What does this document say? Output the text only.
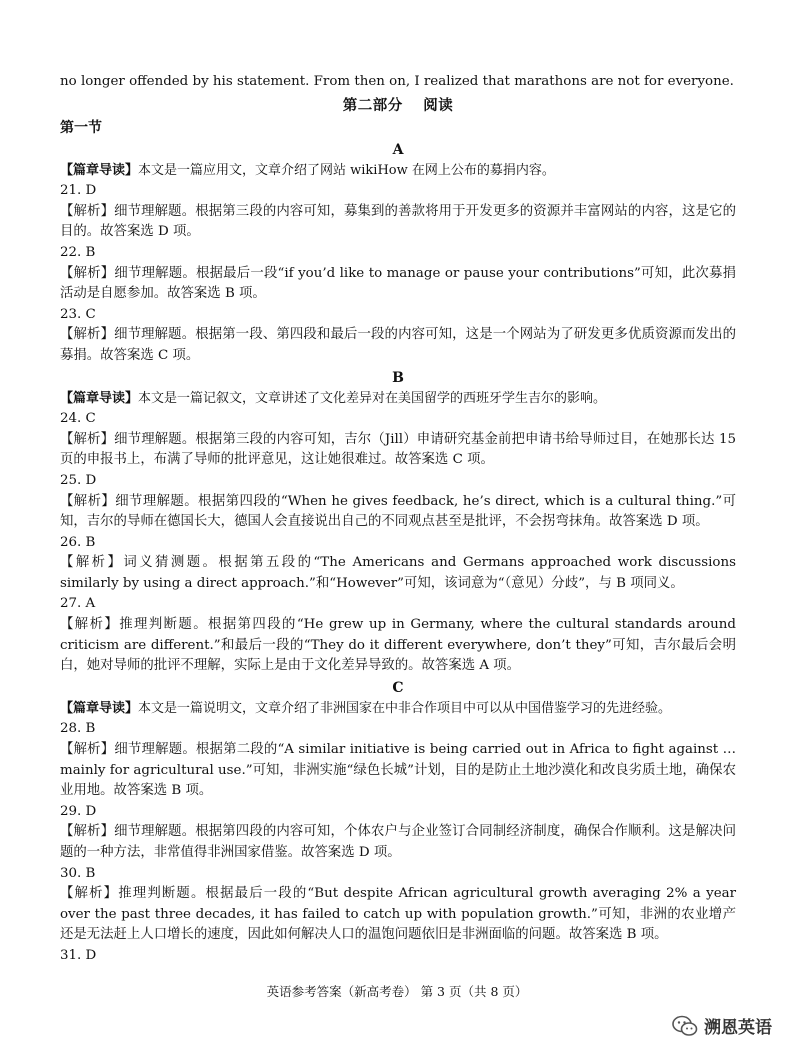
no longer offended by his statement. From then on, I realized that marathons are not for everyone.

第二部分　 阅读

第一节

A

【篇章导读】本文是一篇应用文，文章介绍了网站 wikiHow 在网上公布的募捐内容。

21. D

【解析】细节理解题。根据第三段的内容可知，募集到的善款将用于开发更多的资源并丰富网站的内容，这是它的目的。故答案选 D 项。

22. B

【解析】细节理解题。根据最后一段“if you’d like to manage or pause your contributions”可知，此次募捐活动是自愿参加。故答案选 B 项。

23. C

【解析】细节理解题。根据第一段、第四段和最后一段的内容可知，这是一个网站为了研发更多优质资源而发出的募捐。故答案选 C 项。

B

【篇章导读】本文是一篇记叙文，文章讲述了文化差异对在美国留学的西班牙学生吉尔的影响。

24. C

【解析】细节理解题。根据第三段的内容可知，吉尔（Jill）申请研究基金前把申请书给导师过目，在她那长达 15 页的申报书上，布满了导师的批评意见，这让她很难过。故答案选 C 项。

25. D

【解析】细节理解题。根据第四段的“When he gives feedback, he’s direct, which is a cultural thing.”可知，吉尔的导师在德国长大，德国人会直接说出自己的不同观点甚至是批评，不会拐弯抹角。故答案选 D 项。

26. B

【解析】词义猜测题。根据第五段的“The Americans and Germans approached work discussions similarly by using a direct approach.”和“However”可知，该词意为“（意见）分歧”，与 B 项同义。

27. A

【解析】推理判断题。根据第四段的“He grew up in Germany, where the cultural standards around criticism are different.”和最后一段的“They do it different everywhere, don’t they”可知，吉尔最后会明白，她对导师的批评不理解，实际上是由于文化差异导致的。故答案选 A 项。

C

【篇章导读】本文是一篇说明文，文章介绍了非洲国家在中非合作项目中可以从中国借鉴学习的先进经验。

28. B

【解析】细节理解题。根据第二段的“A similar initiative is being carried out in Africa to fight against … mainly for agricultural use.”可知，非洲实施“绿色长城”计划，目的是防止土地沙漠化和改良劣质土地，确保农业用地。故答案选 B 项。

29. D

【解析】细节理解题。根据第四段的内容可知，个体农户与企业签订合同制经济制度，确保合作顺利。这是解决问题的一种方法，非常值得非洲国家借鉴。故答案选 D 项。

30. B

【解析】推理判断题。根据最后一段的“But despite African agricultural growth averaging 2% a year over the past three decades, it has failed to catch up with population growth.”可知，非洲的农业增产还是无法赶上人口增长的速度，因此如何解决人口的温饱问题依旧是非洲面临的问题。故答案选 B 项。

31. D

英语参考答案（新高考卷） 第 3 页（共 8 页）
溯恩英语
